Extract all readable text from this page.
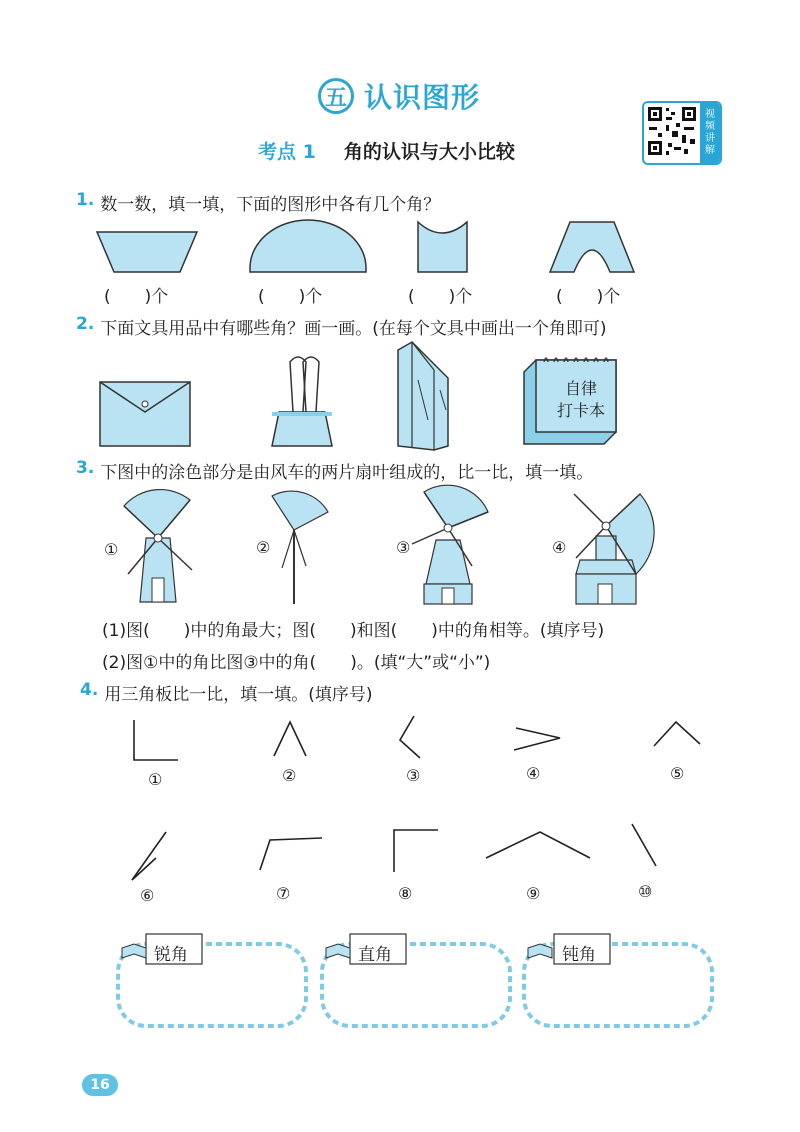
五 认识图形
视
频
讲
解
考点 1 角的认识与大小比较
1. 数一数，填一填，下面的图形中各有几个角？
(　　)个	(　　)个	(　　)个	(　　)个
2. 下面文具用品中有哪些角？画一画。(在每个文具中画出一个角即可)
自律
打卡本
3. 下图中的涂色部分是由风车的两片扇叶组成的，比一比，填一填。
①	②	③	④
(1)图(　　)中的角最大；图(　　)和图(　　)中的角相等。(填序号)
(2)图①中的角比图③中的角(　　)。(填“大”或“小”)
4. 用三角板比一比，填一填。(填序号)
①	②	③	④	⑤
⑥	⑦	⑧	⑨	⑩
锐角	直角	钝角
16
